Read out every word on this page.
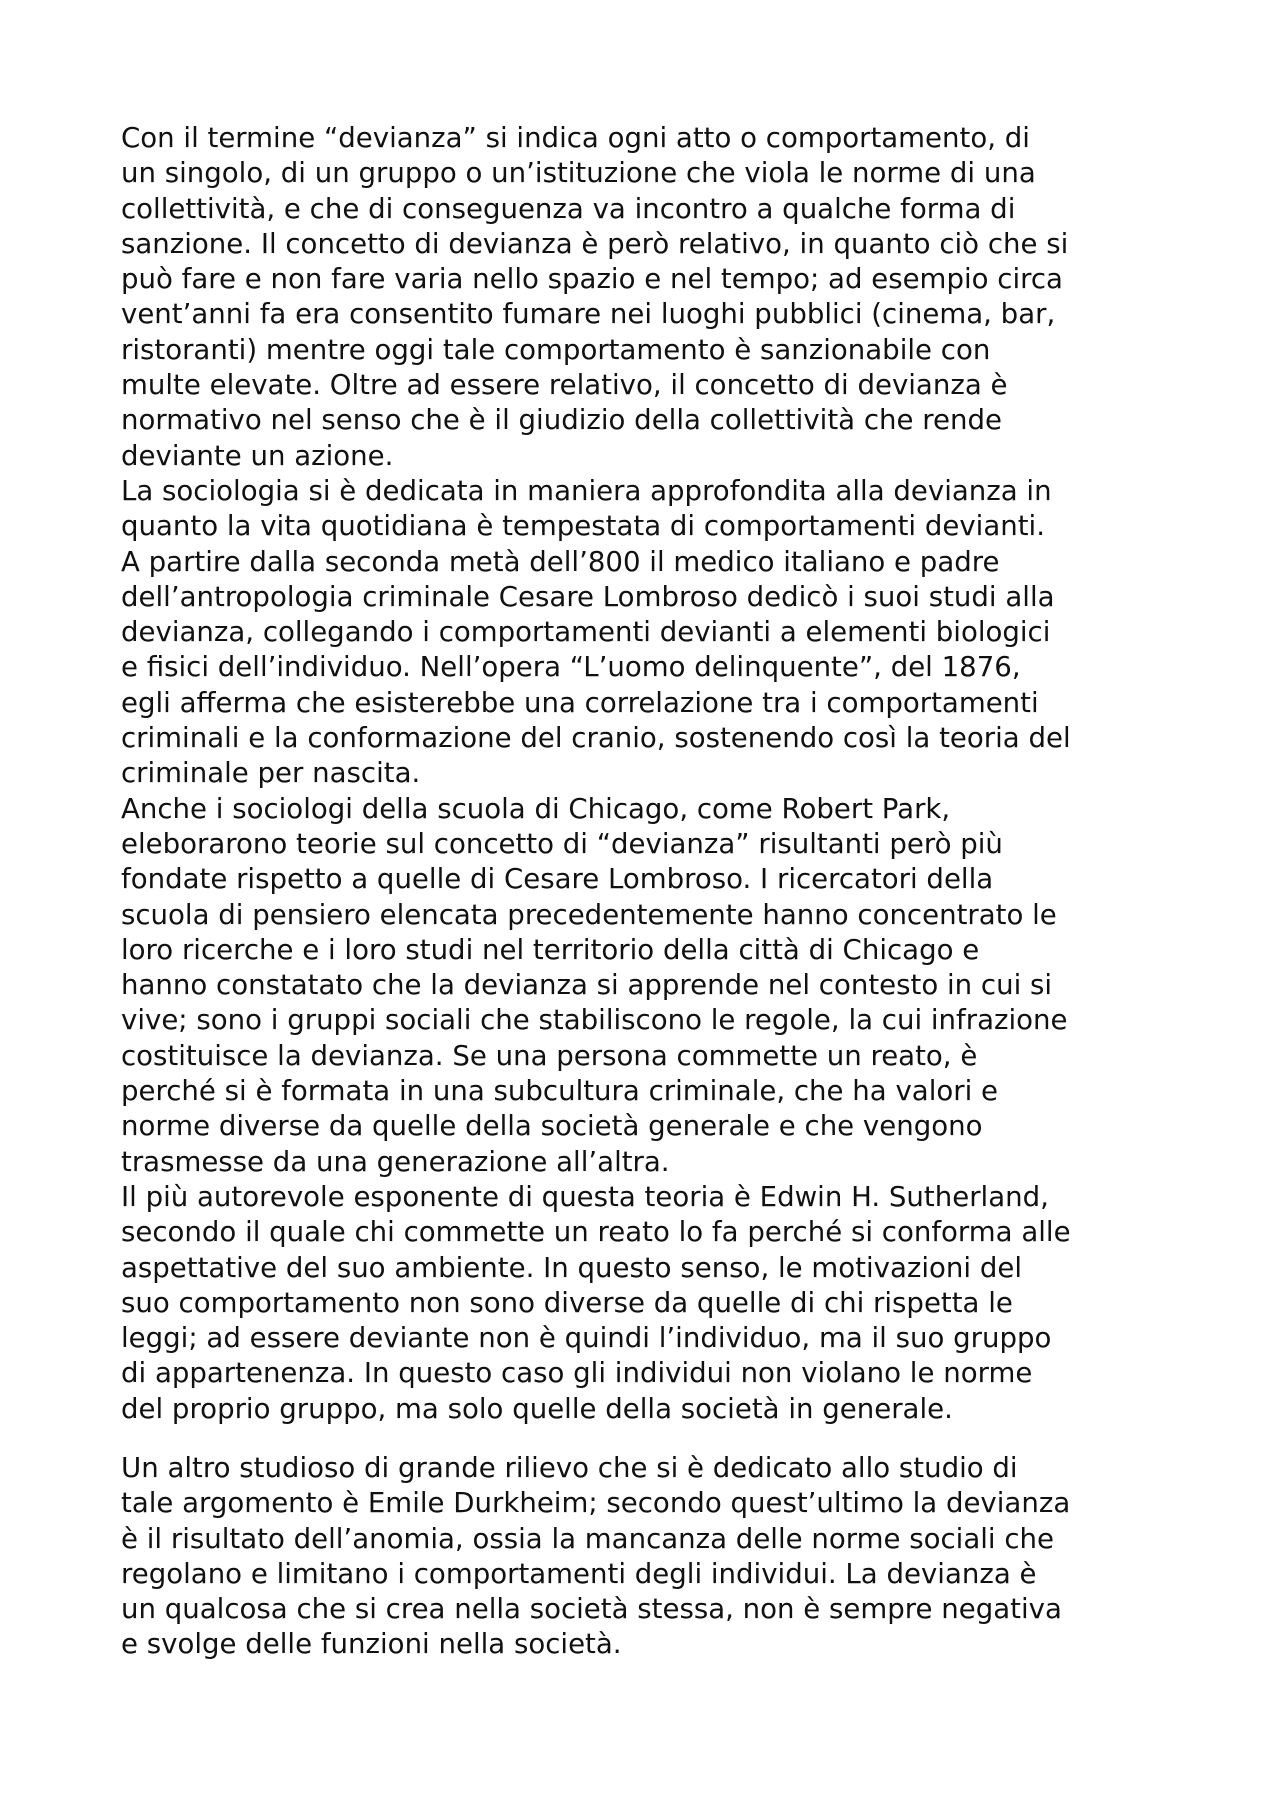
Con il termine “devianza” si indica ogni atto o comportamento, di
un singolo, di un gruppo o un’istituzione che viola le norme di una
collettività, e che di conseguenza va incontro a qualche forma di
sanzione. Il concetto di devianza è però relativo, in quanto ciò che si
può fare e non fare varia nello spazio e nel tempo; ad esempio circa
vent’anni fa era consentito fumare nei luoghi pubblici (cinema, bar,
ristoranti) mentre oggi tale comportamento è sanzionabile con
multe elevate. Oltre ad essere relativo, il concetto di devianza è
normativo nel senso che è il giudizio della collettività che rende
deviante un azione.
La sociologia si è dedicata in maniera approfondita alla devianza in
quanto la vita quotidiana è tempestata di comportamenti devianti.
A partire dalla seconda metà dell’800 il medico italiano e padre
dell’antropologia criminale Cesare Lombroso dedicò i suoi studi alla
devianza, collegando i comportamenti devianti a elementi biologici
e fisici dell’individuo. Nell’opera “L’uomo delinquente”, del 1876,
egli afferma che esisterebbe una correlazione tra i comportamenti
criminali e la conformazione del cranio, sostenendo così la teoria del
criminale per nascita.
Anche i sociologi della scuola di Chicago, come Robert Park,
eleborarono teorie sul concetto di “devianza” risultanti però più
fondate rispetto a quelle di Cesare Lombroso. I ricercatori della
scuola di pensiero elencata precedentemente hanno concentrato le
loro ricerche e i loro studi nel territorio della città di Chicago e
hanno constatato che la devianza si apprende nel contesto in cui si
vive; sono i gruppi sociali che stabiliscono le regole, la cui infrazione
costituisce la devianza. Se una persona commette un reato, è
perché si è formata in una subcultura criminale, che ha valori e
norme diverse da quelle della società generale e che vengono
trasmesse da una generazione all’altra.
Il più autorevole esponente di questa teoria è Edwin H. Sutherland,
secondo il quale chi commette un reato lo fa perché si conforma alle
aspettative del suo ambiente. In questo senso, le motivazioni del
suo comportamento non sono diverse da quelle di chi rispetta le
leggi; ad essere deviante non è quindi l’individuo, ma il suo gruppo
di appartenenza. In questo caso gli individui non violano le norme
del proprio gruppo, ma solo quelle della società in generale.
Un altro studioso di grande rilievo che si è dedicato allo studio di
tale argomento è Emile Durkheim; secondo quest’ultimo la devianza
è il risultato dell’anomia, ossia la mancanza delle norme sociali che
regolano e limitano i comportamenti degli individui. La devianza è
un qualcosa che si crea nella società stessa, non è sempre negativa
e svolge delle funzioni nella società.
